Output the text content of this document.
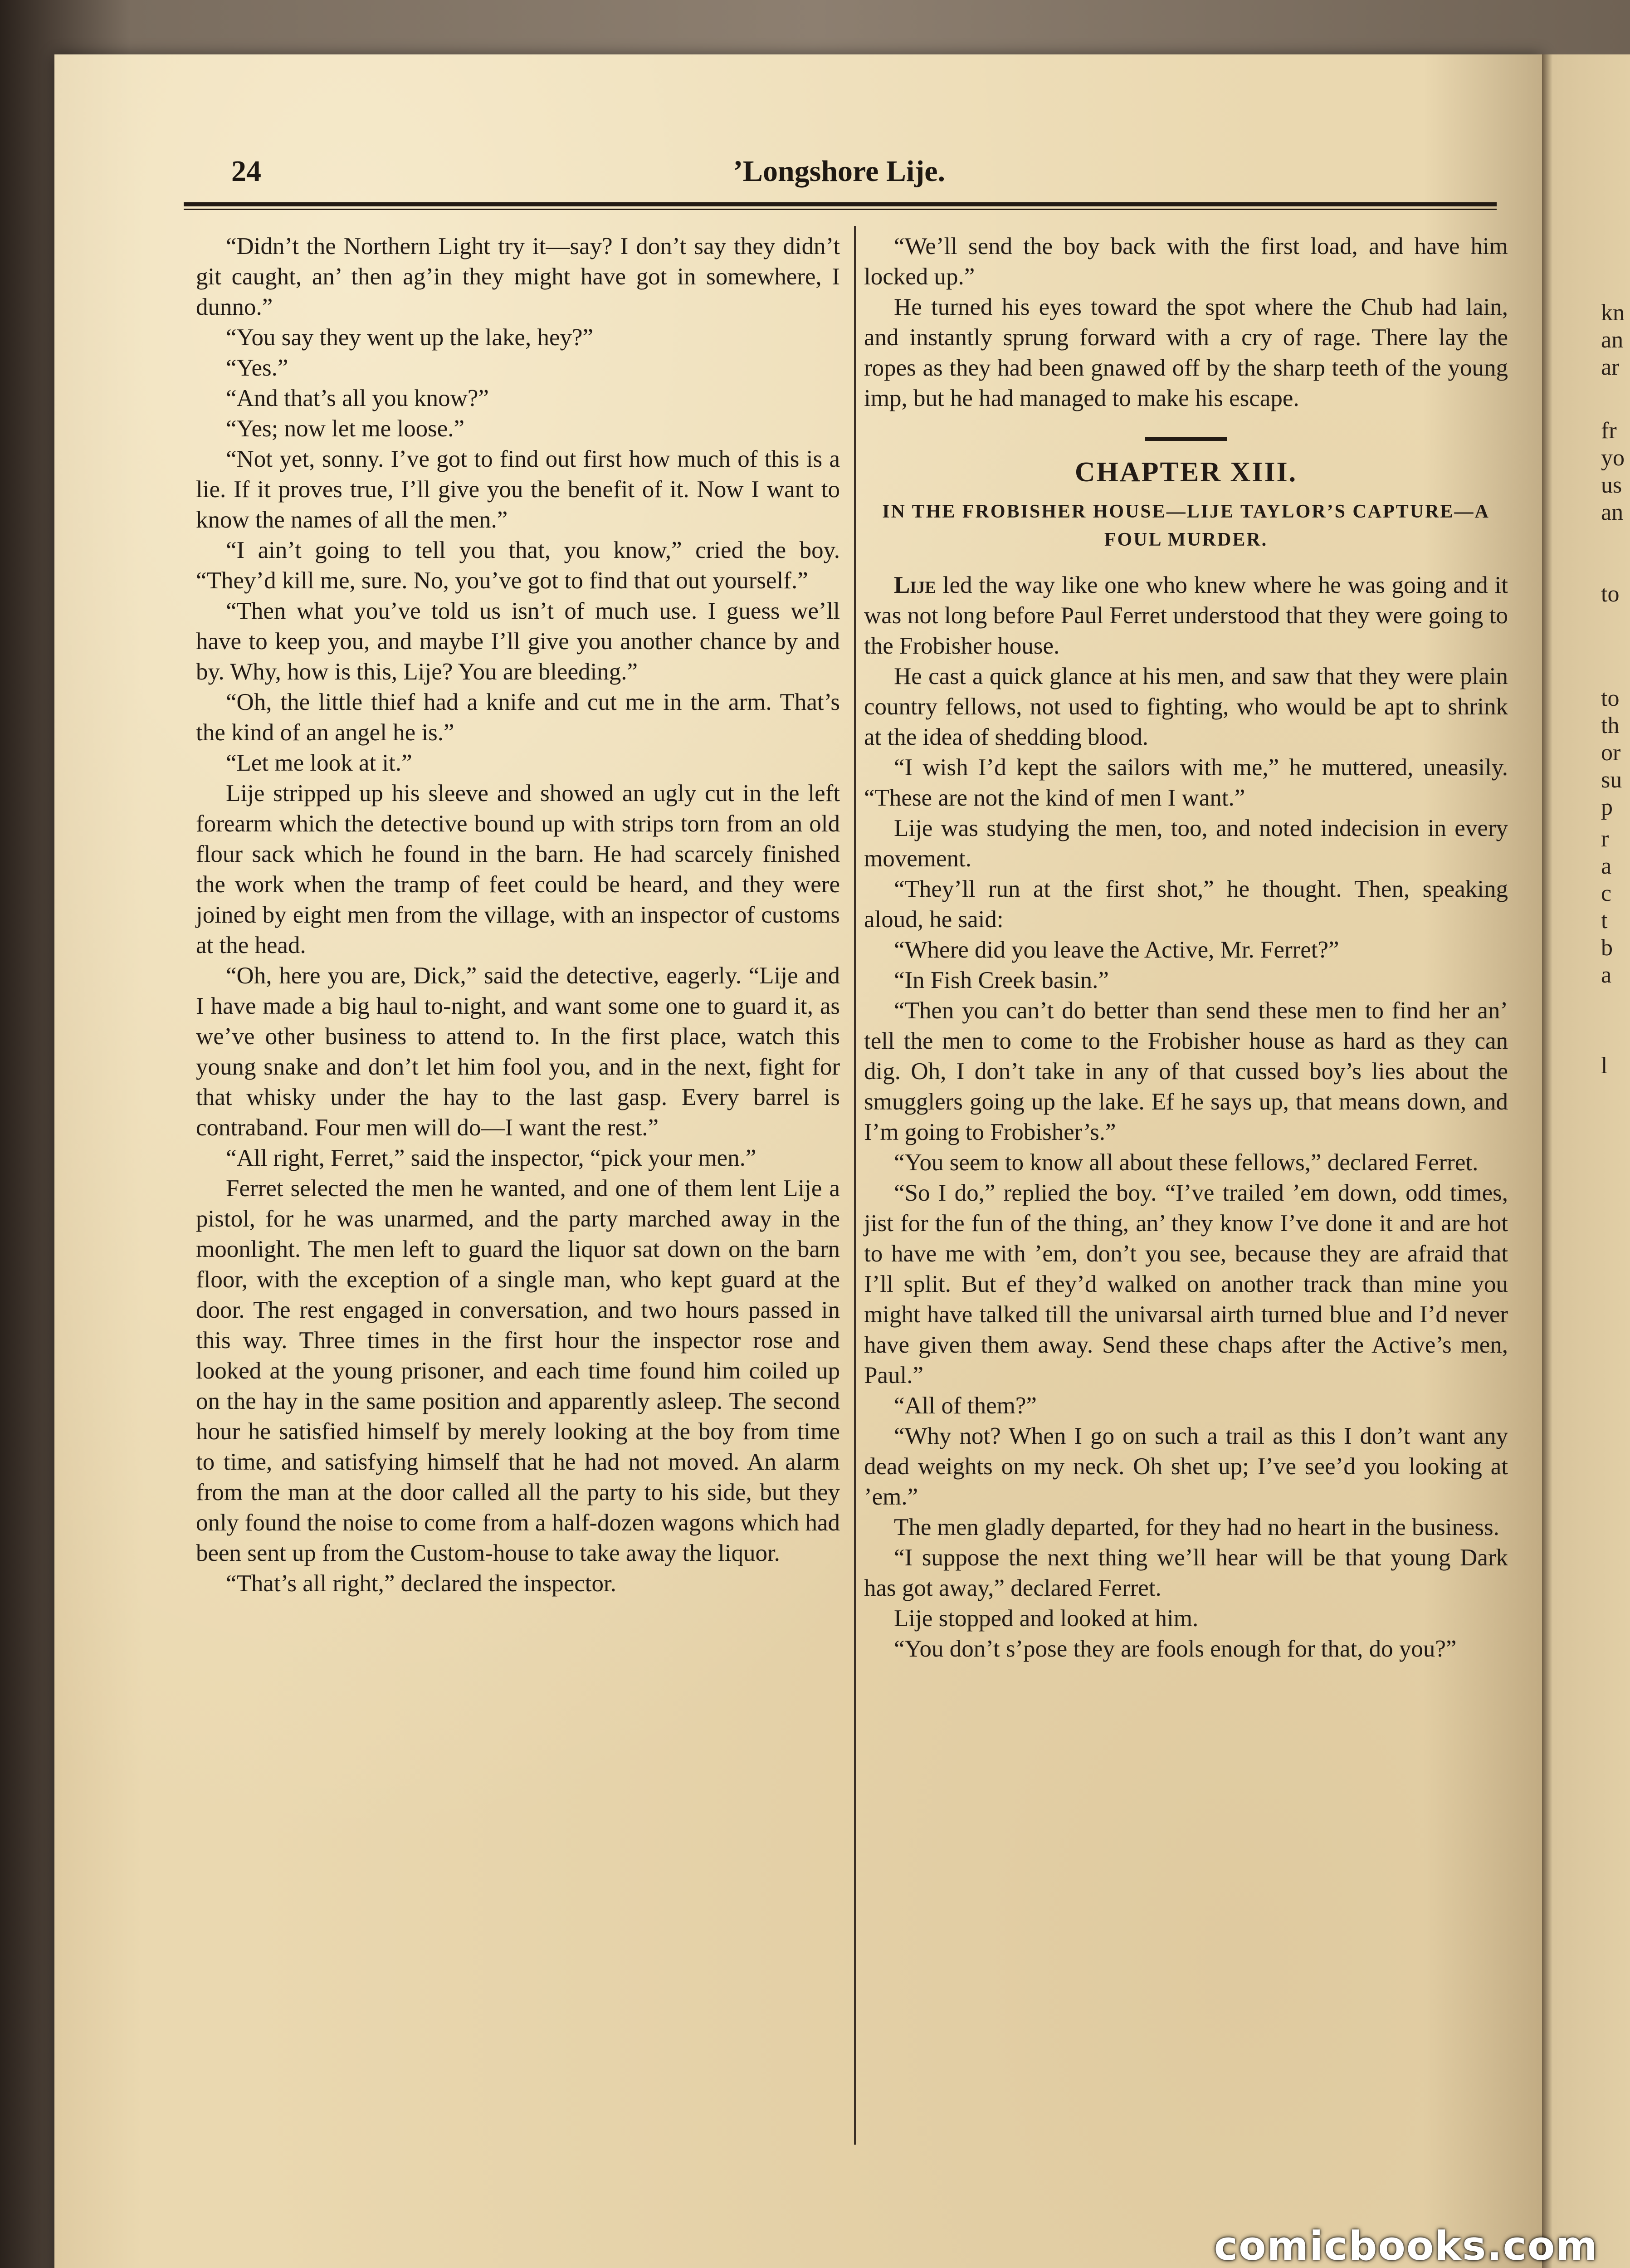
kn
an
ar
fr
yo
us
an
to
to
th
or
su
p
r
a
c
t
b
a
l
24	’Longshore Lije.

“Didn’t the Northern Light try it—say? I don’t say they didn’t git caught, an’ then ag’in they might have got in somewhere, I dunno.”

“You say they went up the lake, hey?”

“Yes.”

“And that’s all you know?”

“Yes; now let me loose.”

“Not yet, sonny. I’ve got to find out first how much of this is a lie. If it proves true, I’ll give you the benefit of it. Now I want to know the names of all the men.”

“I ain’t going to tell you that, you know,” cried the boy. “They’d kill me, sure. No, you’ve got to find that out yourself.”

“Then what you’ve told us isn’t of much use. I guess we’ll have to keep you, and maybe I’ll give you another chance by and by. Why, how is this, Lije? You are bleeding.”

“Oh, the little thief had a knife and cut me in the arm. That’s the kind of an angel he is.”

“Let me look at it.”

Lije stripped up his sleeve and showed an ugly cut in the left forearm which the detective bound up with strips torn from an old flour sack which he found in the barn. He had scarcely finished the work when the tramp of feet could be heard, and they were joined by eight men from the village, with an inspector of customs at the head.

“Oh, here you are, Dick,” said the detective, eagerly. “Lije and I have made a big haul to-night, and want some one to guard it, as we’ve other business to attend to. In the first place, watch this young snake and don’t let him fool you, and in the next, fight for that whisky under the hay to the last gasp. Every barrel is contraband. Four men will do—I want the rest.”

“All right, Ferret,” said the inspector, “pick your men.”

Ferret selected the men he wanted, and one of them lent Lije a pistol, for he was unarmed, and the party marched away in the moonlight. The men left to guard the liquor sat down on the barn floor, with the exception of a single man, who kept guard at the door. The rest engaged in conversation, and two hours passed in this way. Three times in the first hour the inspector rose and looked at the young prisoner, and each time found him coiled up on the hay in the same position and apparently asleep. The second hour he satisfied himself by merely looking at the boy from time to time, and satisfying himself that he had not moved. An alarm from the man at the door called all the party to his side, but they only found the noise to come from a half-dozen wagons which had been sent up from the Custom-house to take away the liquor.

“That’s all right,” declared the inspector.

“We’ll send the boy back with the first load, and have him locked up.”

He turned his eyes toward the spot where the Chub had lain, and instantly sprung forward with a cry of rage. There lay the ropes as they had been gnawed off by the sharp teeth of the young imp, but he had managed to make his escape.

CHAPTER XIII.
IN THE FROBISHER HOUSE—LIJE TAYLOR’S CAPTURE—A FOUL MURDER.

Lije led the way like one who knew where he was going and it was not long before Paul Ferret understood that they were going to the Frobisher house.

He cast a quick glance at his men, and saw that they were plain country fellows, not used to fighting, who would be apt to shrink at the idea of shedding blood.

“I wish I’d kept the sailors with me,” he muttered, uneasily. “These are not the kind of men I want.”

Lije was studying the men, too, and noted indecision in every movement.

“They’ll run at the first shot,” he thought. Then, speaking aloud, he said:

“Where did you leave the Active, Mr. Ferret?”

“In Fish Creek basin.”

“Then you can’t do better than send these men to find her an’ tell the men to come to the Frobisher house as hard as they can dig. Oh, I don’t take in any of that cussed boy’s lies about the smugglers going up the lake. Ef he says up, that means down, and I’m going to Frobisher’s.”

“You seem to know all about these fellows,” declared Ferret.

“So I do,” replied the boy. “I’ve trailed ’em down, odd times, jist for the fun of the thing, an’ they know I’ve done it and are hot to have me with ’em, don’t you see, because they are afraid that I’ll split. But ef they’d walked on another track than mine you might have talked till the univarsal airth turned blue and I’d never have given them away. Send these chaps after the Active’s men, Paul.”

“All of them?”

“Why not? When I go on such a trail as this I don’t want any dead weights on my neck. Oh shet up; I’ve see’d you looking at ’em.”

The men gladly departed, for they had no heart in the business.

“I suppose the next thing we’ll hear will be that young Dark has got away,” declared Ferret.

Lije stopped and looked at him.

“You don’t s’pose they are fools enough for that, do you?”

comicbooks.com
